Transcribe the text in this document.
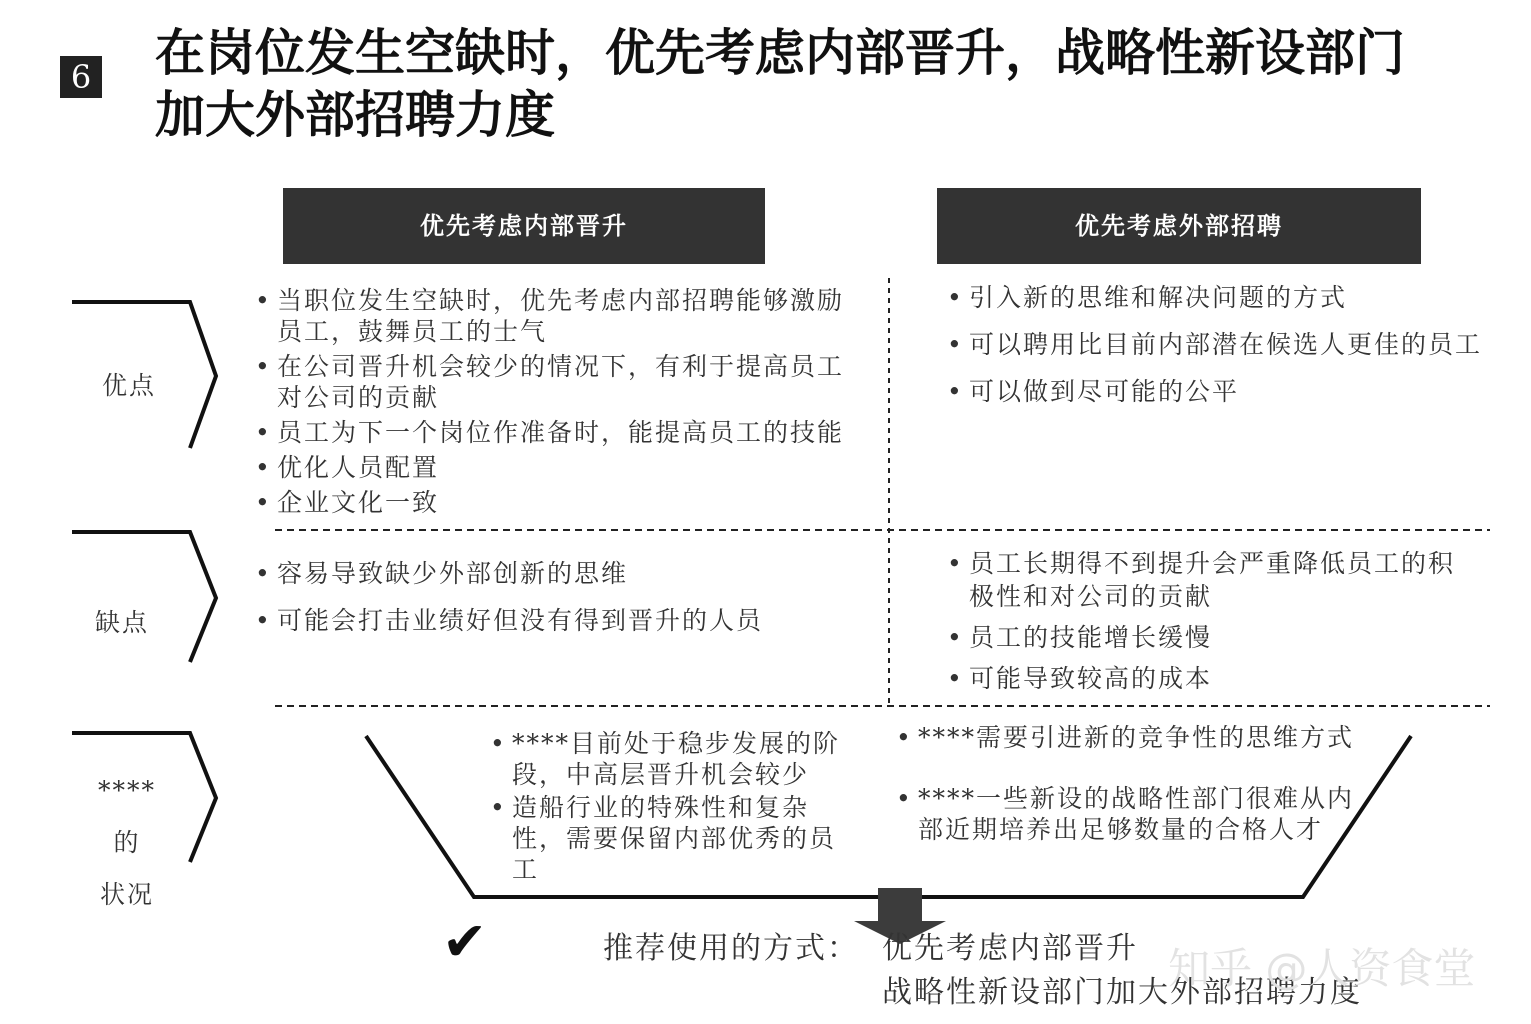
6 在岗位发生空缺时，优先考虑内部晋升，战略性新设部门
加大外部招聘力度
优先考虑内部晋升	优先考虑外部招聘
优点
缺点
****的
状况
• 当职位发生空缺时，优先考虑内部招聘能够激励员工，鼓舞员工的士气
• 在公司晋升机会较少的情况下，有利于提高员工对公司的贡献
• 员工为下一个岗位作准备时，能提高员工的技能
• 优化人员配置
• 企业文化一致
• 引入新的思维和解决问题的方式
• 可以聘用比目前内部潜在候选人更佳的员工
• 可以做到尽可能的公平
• 容易导致缺少外部创新的思维
• 可能会打击业绩好但没有得到晋升的人员
• 员工长期得不到提升会严重降低员工的积极性和对公司的贡献
• 员工的技能增长缓慢
• 可能导致较高的成本
• ****目前处于稳步发展的阶段，中高层晋升机会较少
• 造船行业的特殊性和复杂性，需要保留内部优秀的员工
• ****需要引进新的竞争性的思维方式
• ****一些新设的战略性部门很难从内部近期培养出足够数量的合格人才
✔	推荐使用的方式： 优先考虑内部晋升
战略性新设部门加大外部招聘力度
知乎 @人资食堂
